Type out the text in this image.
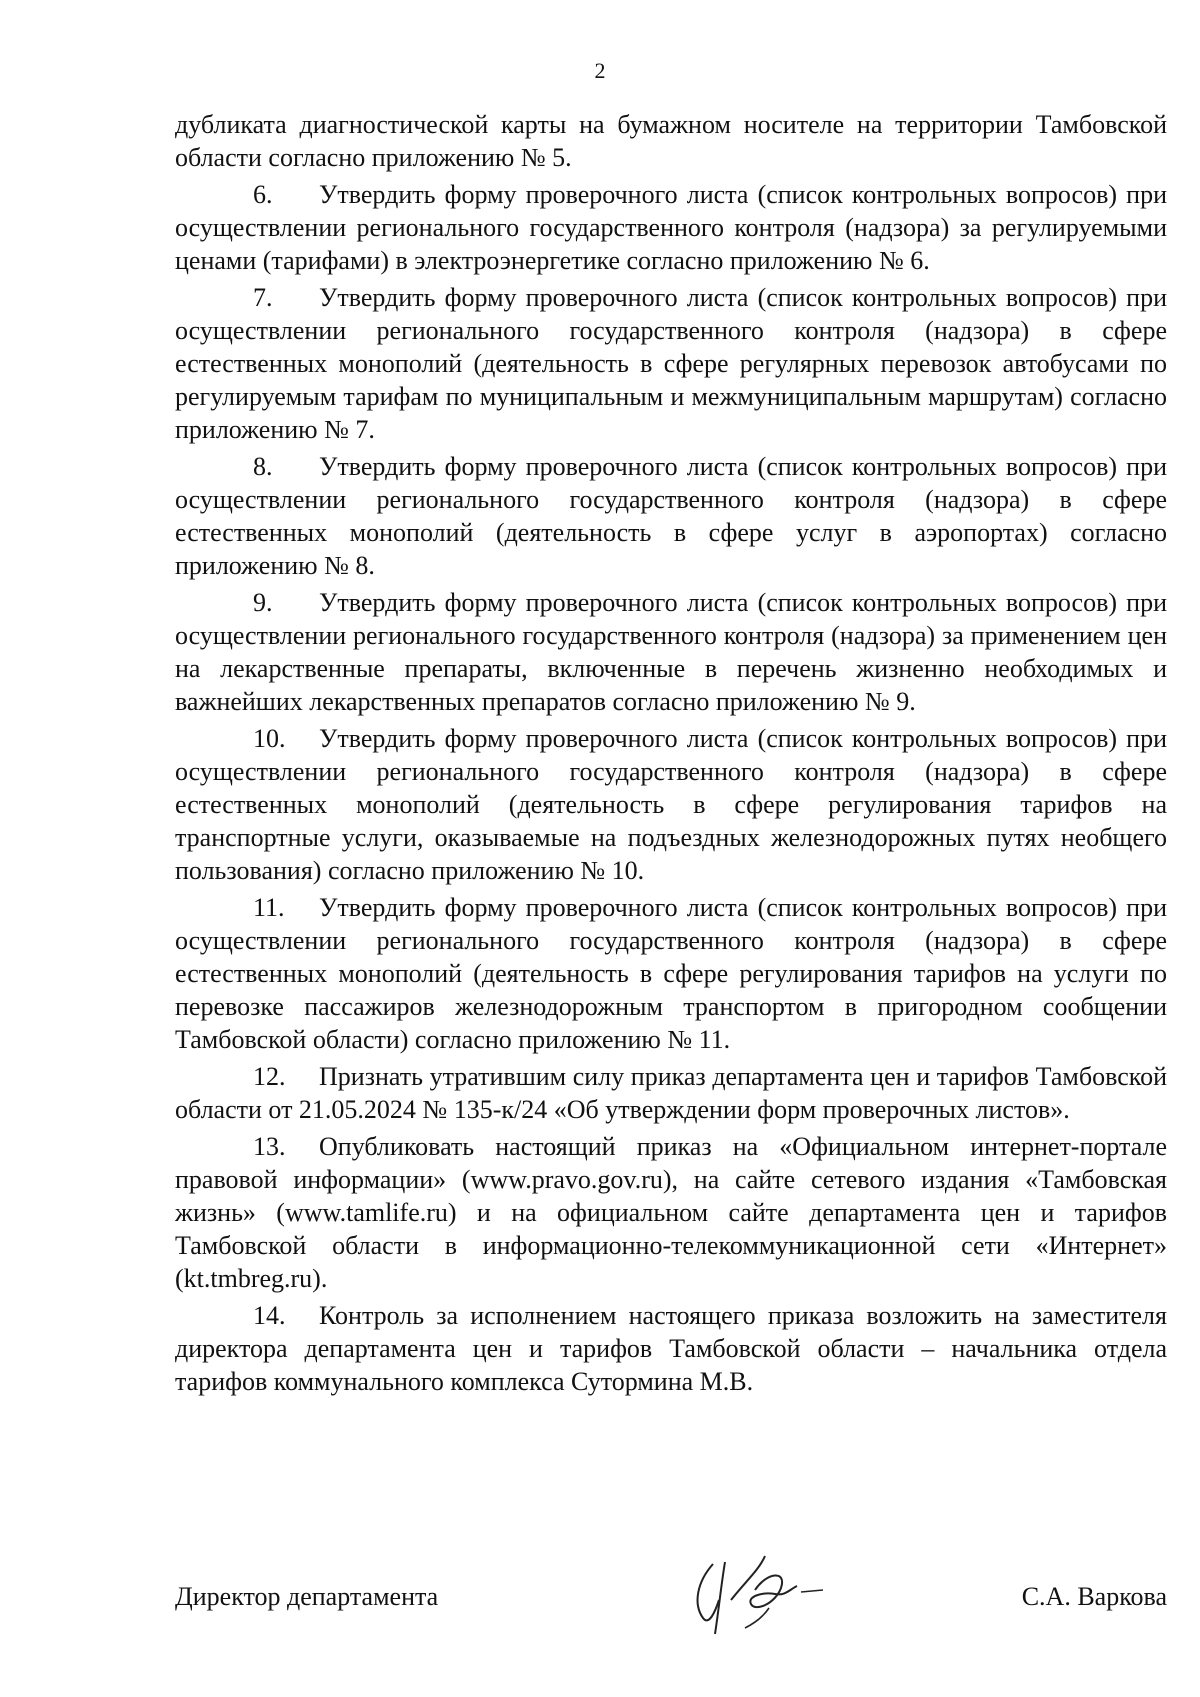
2

дубликата диагностической карты на бумажном носителе на территории Тамбовской области согласно приложению № 5.

6. Утвердить форму проверочного листа (список контрольных вопросов) при осуществлении регионального государственного контроля (надзора) за регулируемыми ценами (тарифами) в электроэнергетике согласно приложению № 6.

7. Утвердить форму проверочного листа (список контрольных вопросов) при осуществлении регионального государственного контроля (надзора) в сфере естественных монополий (деятельность в сфере регулярных перевозок автобусами по регулируемым тарифам по муниципальным и межмуниципальным маршрутам) согласно приложению № 7.

8. Утвердить форму проверочного листа (список контрольных вопросов) при осуществлении регионального государственного контроля (надзора) в сфере естественных монополий (деятельность в сфере услуг в аэропортах) согласно приложению № 8.

9. Утвердить форму проверочного листа (список контрольных вопросов) при осуществлении регионального государственного контроля (надзора) за применением цен на лекарственные препараты, включенные в перечень жизненно необходимых и важнейших лекарственных препаратов согласно приложению № 9.

10. Утвердить форму проверочного листа (список контрольных вопросов) при осуществлении регионального государственного контроля (надзора) в сфере естественных монополий (деятельность в сфере регулирования тарифов на транспортные услуги, оказываемые на подъездных железнодорожных путях необщего пользования) согласно приложению № 10.

11. Утвердить форму проверочного листа (список контрольных вопросов) при осуществлении регионального государственного контроля (надзора) в сфере естественных монополий (деятельность в сфере регулирования тарифов на услуги по перевозке пассажиров железнодорожным транспортом в пригородном сообщении Тамбовской области) согласно приложению № 11.

12. Признать утратившим силу приказ департамента цен и тарифов Тамбовской области от 21.05.2024 № 135-к/24 «Об утверждении форм проверочных листов».

13. Опубликовать настоящий приказ на «Официальном интернет-портале правовой информации» (www.pravo.gov.ru), на сайте сетевого издания «Тамбовская жизнь» (www.tamlife.ru) и на официальном сайте департамента цен и тарифов Тамбовской области в информационно-телекоммуникационной сети «Интернет» (kt.tmbreg.ru).

14. Контроль за исполнением настоящего приказа возложить на заместителя директора департамента цен и тарифов Тамбовской области – начальника отдела тарифов коммунального комплекса Сутормина М.В.

Директор департамента	С.А. Варкова
